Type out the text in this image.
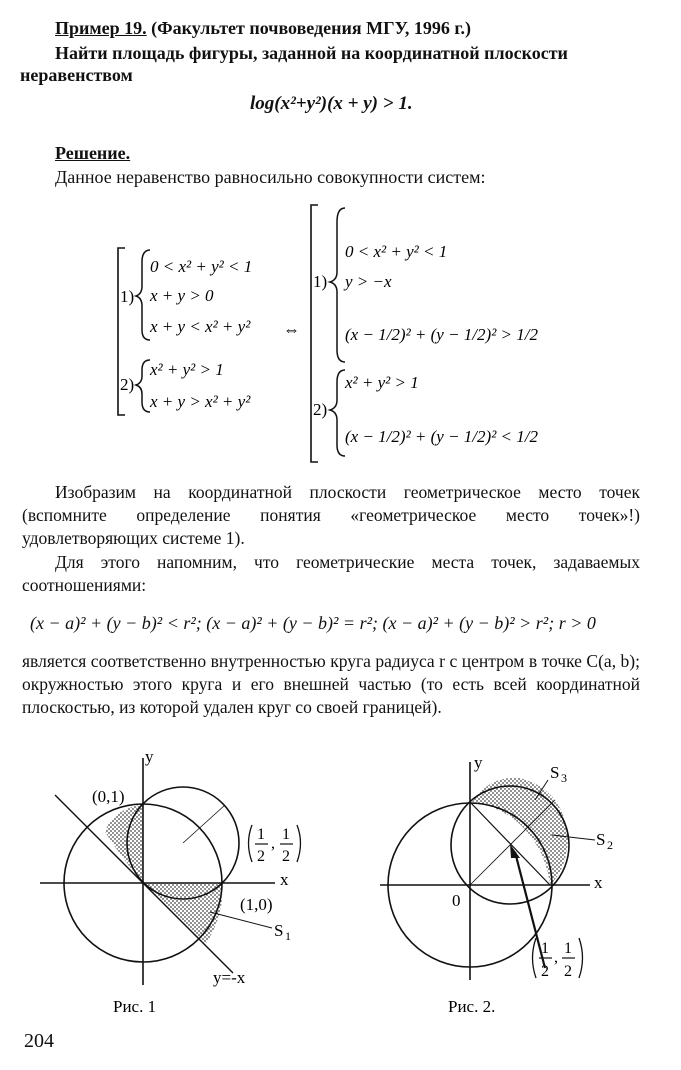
Пример 19. (Факультет почвоведения МГУ, 1996 г.)
Найти площадь фигуры, заданной на координатной плоскости
неравенством
log(x²+y²)(x + y) > 1.
Решение.
Данное неравенство равносильно совокупности систем:
1)
0 < x² + y² < 1
x + y > 0
x + y < x² + y²
2)
x² + y² > 1
x + y > x² + y²
⇔
1)
0 < x² + y² < 1
y > −x
(x − 1/2)² + (y − 1/2)² > 1/2
2)
x² + y² > 1
(x − 1/2)² + (y − 1/2)² < 1/2
Изобразим на координатной плоскости геометрическое место точек (вспомните определение понятия «геометрическое место точек»!) удовлетворяющих системе 1).
Для этого напомним, что геометрические места точек, задаваемых соотношениями:
(x − a)² + (y − b)² < r²; (x − a)² + (y − b)² = r²; (x − a)² + (y − b)² > r²; r > 0
является соответственно внутренностью круга радиуса r с центром в точке C(a, b); окружностью этого круга и его внешней частью (то есть всей координатной плоскостью, из которой удален круг со своей границей).
y
x
(0,1)
(1,0)
1
2
,
1
2
S 1
y=-x
Рис. 1
y
x
0
S 3
S 2
1
2
,
1
2
Рис. 2.
204
